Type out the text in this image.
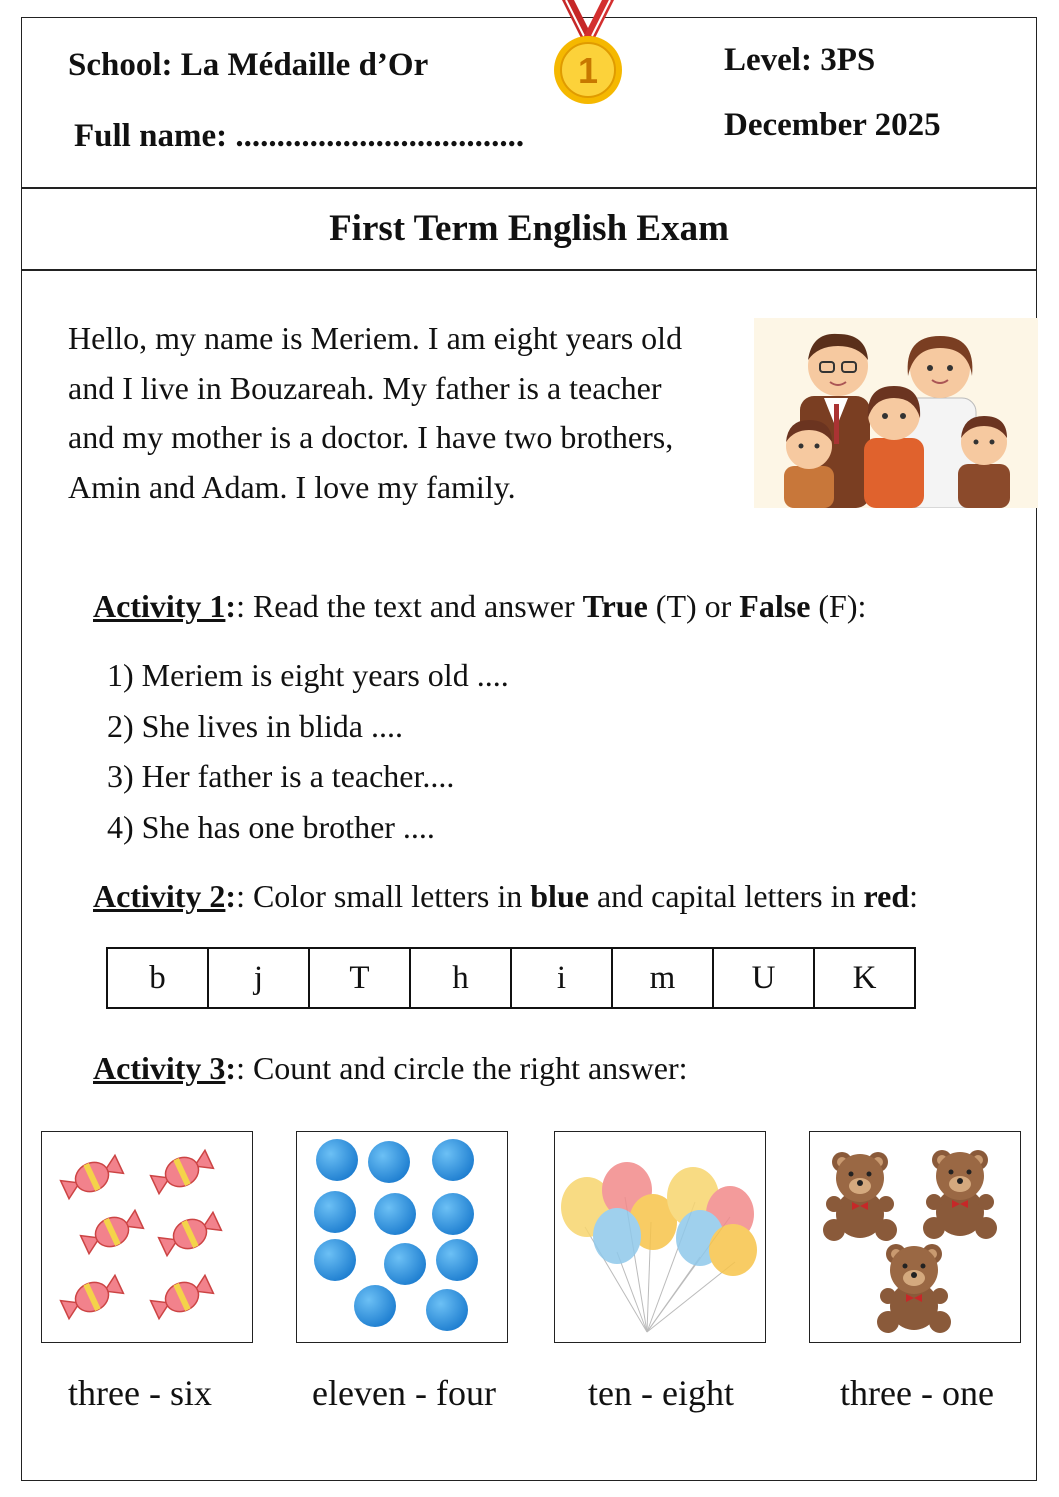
School: La Médaille d’Or
Full name: ...................................
Level: 3PS
December 2025
1
First Term English Exam
Hello, my name is Meriem. I am eight years old
and I live in Bouzareah. My father is a teacher
and my mother is a doctor. I have two brothers,
Amin and Adam. I love my family.
Activity 1:: Read the text and answer True (T) or False (F):
1) Meriem is eight years old ....
2) She lives in blida ....
3) Her father is a teacher....
4) She has one brother ....
Activity 2:: Color small letters in blue and capital letters in red:
b	j	T	h	i	m	U	K
Activity 3:: Count and circle the right answer:
three - six	eleven - four	ten - eight	three - one
